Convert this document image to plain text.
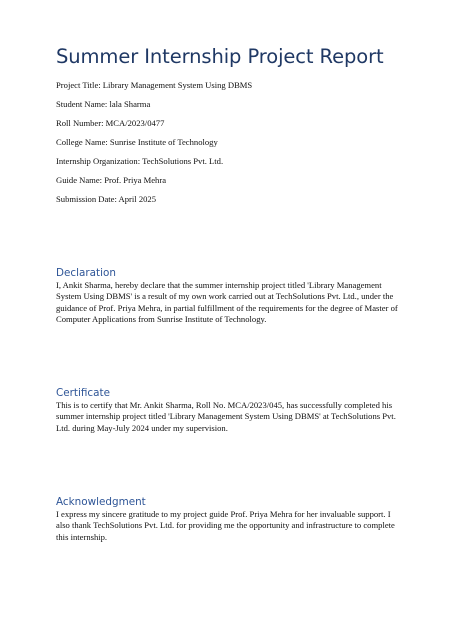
Summer Internship Project Report
Project Title: Library Management System Using DBMS
Student Name: lala Sharma
Roll Number: MCA/2023/0477
College Name: Sunrise Institute of Technology
Internship Organization: TechSolutions Pvt. Ltd.
Guide Name: Prof. Priya Mehra
Submission Date: April 2025
Declaration
I, Ankit Sharma, hereby declare that the summer internship project titled 'Library Management
System Using DBMS' is a result of my own work carried out at TechSolutions Pvt. Ltd., under the
guidance of Prof. Priya Mehra, in partial fulfillment of the requirements for the degree of Master of
Computer Applications from Sunrise Institute of Technology.
Certificate
This is to certify that Mr. Ankit Sharma, Roll No. MCA/2023/045, has successfully completed his
summer internship project titled 'Library Management System Using DBMS' at TechSolutions Pvt.
Ltd. during May-July 2024 under my supervision.
Acknowledgment
I express my sincere gratitude to my project guide Prof. Priya Mehra for her invaluable support. I
also thank TechSolutions Pvt. Ltd. for providing me the opportunity and infrastructure to complete
this internship.
